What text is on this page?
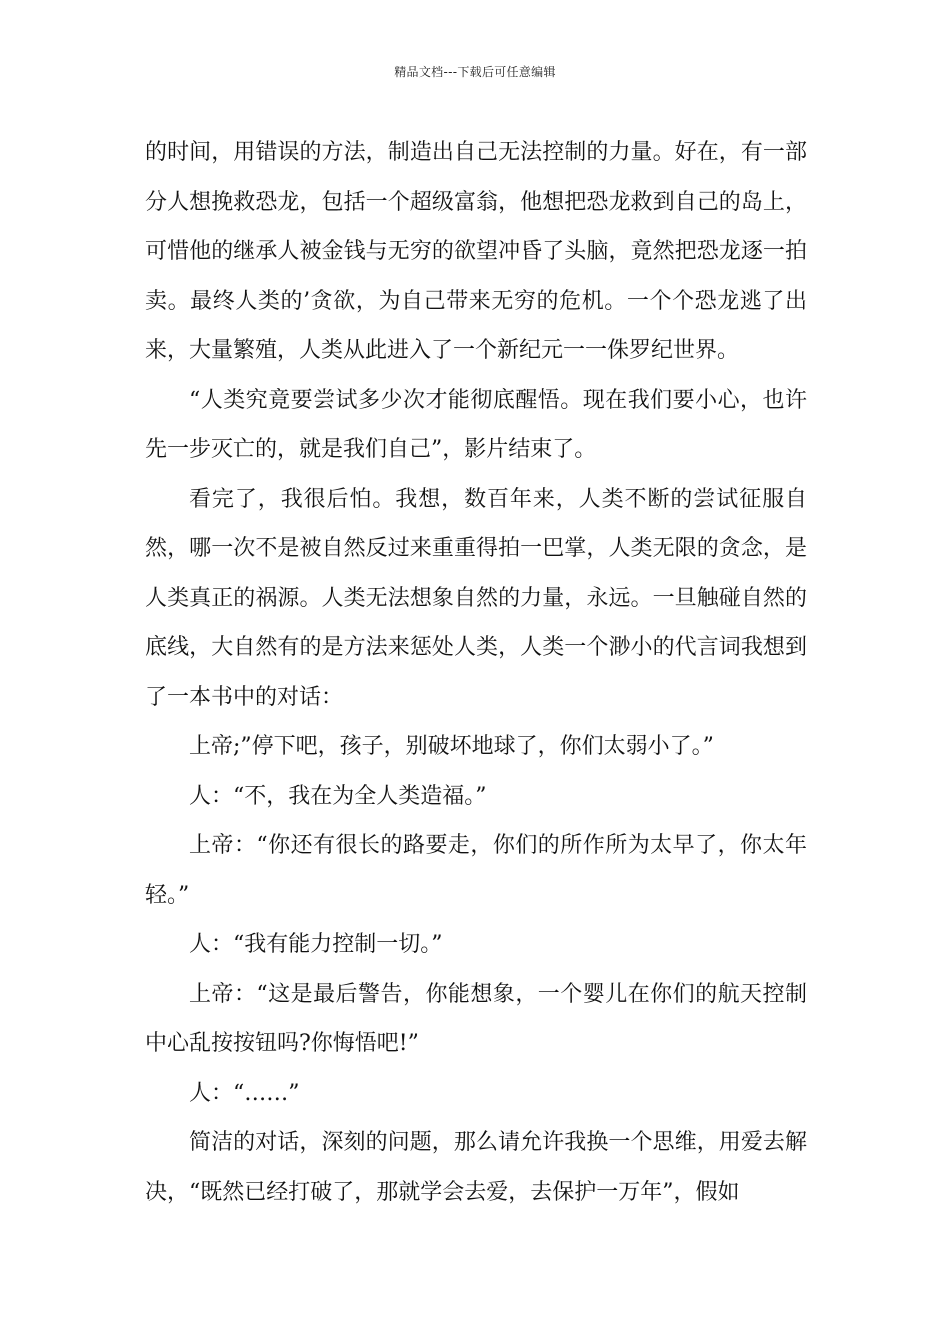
精品文档---下载后可任意编辑

的时间，用错误的方法，制造出自己无法控制的力量。好在，有一部分人想挽救恐龙，包括一个超级富翁，他想把恐龙救到自己的岛上，可惜他的继承人被金钱与无穷的欲望冲昏了头脑，竟然把恐龙逐一拍卖。最终人类的’贪欲，为自己带来无穷的危机。一个个恐龙逃了出来，大量繁殖，人类从此进入了一个新纪元一一侏罗纪世界。

“人类究竟要尝试多少次才能彻底醒悟。现在我们要小心，也许先一步灭亡的，就是我们自己”，影片结束了。

看完了，我很后怕。我想，数百年来，人类不断的尝试征服自然，哪一次不是被自然反过来重重得拍一巴掌，人类无限的贪念，是人类真正的祸源。人类无法想象自然的力量，永远。一旦触碰自然的底线，大自然有的是方法来惩处人类，人类一个渺小的代言词我想到了一本书中的对话：

上帝;”停下吧，孩子，别破坏地球了，你们太弱小了。”

人：“不，我在为全人类造福。”

上帝：“你还有很长的路要走，你们的所作所为太早了，你太年轻。”

人：“我有能力控制一切。”

上帝：“这是最后警告，你能想象，一个婴儿在你们的航天控制中心乱按按钮吗?你悔悟吧!”

人：“……”

简洁的对话，深刻的问题，那么请允许我换一个思维，用爱去解决，“既然已经打破了，那就学会去爱，去保护一万年”，假如
